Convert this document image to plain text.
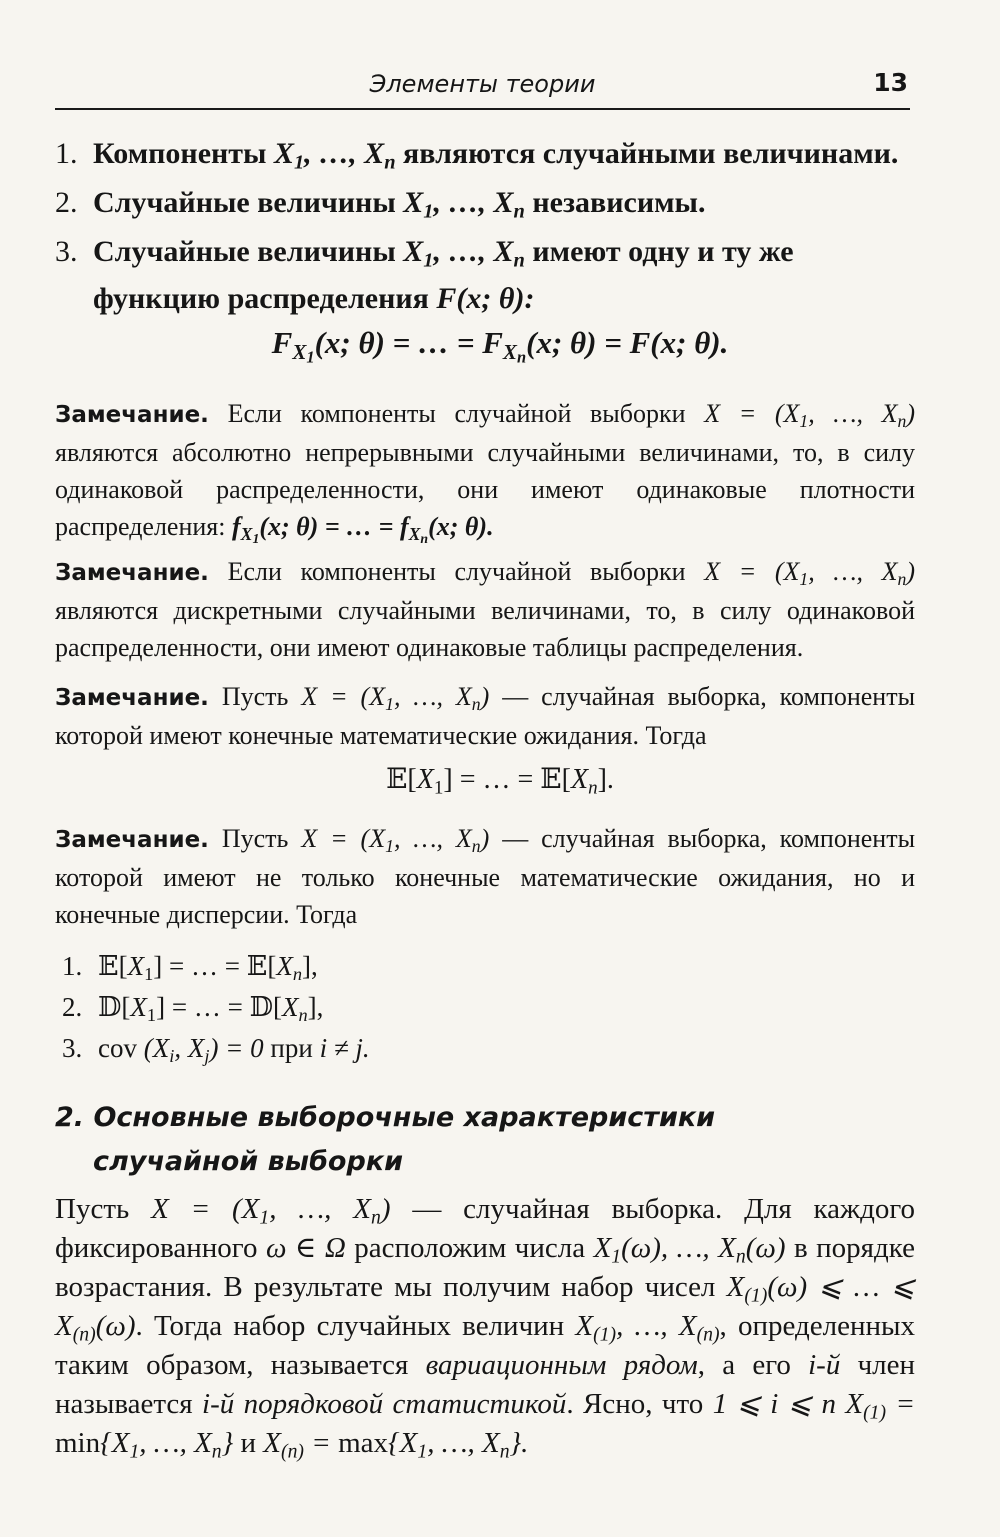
Элементы теории	13
1. Компоненты $X_1$, …, $X_n$ являются случайными величинами.
2. Случайные величины $X_1$, …, $X_n$ независимы.
3. Случайные величины $X_1$, …, $X_n$ имеют одну и ту же функцию распределения F(x; θ):
$F_{X1}(x$; θ) = … = $F_{Xn}(x$; θ) = F(x; θ).

Замечание. Если компоненты случайной выборки $X = (X_1$, …, $X_n$) являются абсолютно непрерывными случайными величинами, то, в силу одинаковой распределенности, они имеют одинаковые плотности распределения: $f_{X1}(x$; θ) = … = $f_{Xn}(x$; θ).

Замечание. Если компоненты случайной выборки $X = (X_1$, …, $X_n$) являются дискретными случайными величинами, то, в силу одинаковой распределенности, они имеют одинаковые таблицы распределения.

Замечание. Пусть $X = (X_1$, …, $X_n$) — случайная выборка, компоненты которой имеют конечные математические ожидания. Тогда

$𝔼[X_1]$ = … = $𝔼[X_n]$.

Замечание. Пусть $X = (X_1$, …, $X_n$) — случайная выборка, компоненты которой имеют не только конечные математические ожидания, но и конечные дисперсии. Тогда

1. $𝔼[X_1]$ = … = $𝔼[X_n]$,
2. $𝔻[X_1]$ = … = $𝔻[X_n]$,
3. cov ($X_i$, $X_j) = 0$ при i ≠ j.
2. Основные выборочные характеристики
случайной выборки

Пусть $X = (X_1$, …, $X_n$) — случайная выборка. Для каждого фиксированного ω ∈ Ω расположим числа $X_1(\omega)$, …, $X_n(\omega)$ в порядке возрастания. В результате мы получим набор чисел $X_{(1)}(\omega)$ ⩽ … ⩽ $X_{(n)}(\omega)$. Тогда набор случайных величин $X_{(1)}$, …, $X_{(n)}$, определенных таким образом, называется вариационным рядом, а его i-й член называется i-й порядковой статистикой. Ясно, что 1 ⩽ i ⩽ n $X_{(1)} = \min\{X_1$, …, $X_n$} и $X_{(n)} = \max\{X_1$, …, $X_n$}.
